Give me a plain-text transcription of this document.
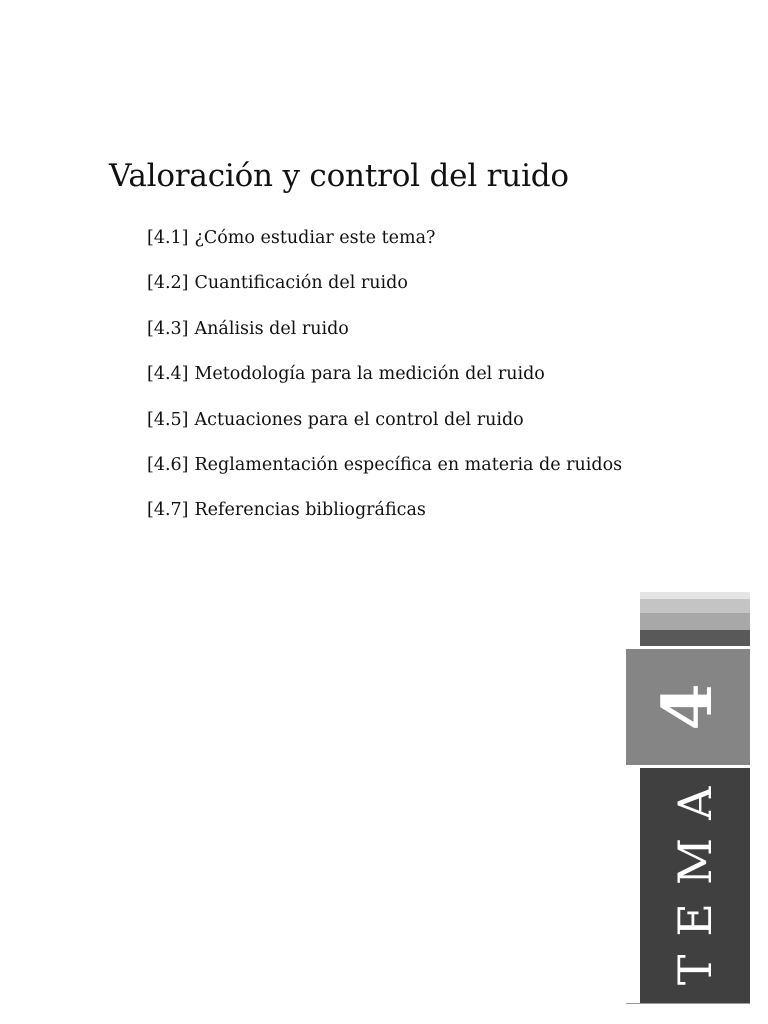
Valoración y control del ruido
[4.1] ¿Cómo estudiar este tema?
[4.2] Cuantificación del ruido
[4.3] Análisis del ruido
[4.4] Metodología para la medición del ruido
[4.5] Actuaciones para el control del ruido
[4.6] Reglamentación específica en materia de ruidos
[4.7] Referencias bibliográficas
4
TEMA
